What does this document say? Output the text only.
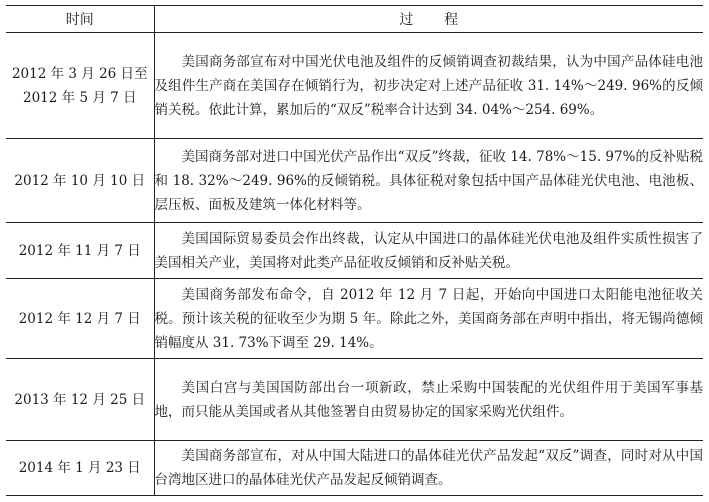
时间	过程
2012 年 3 月 26 日至 2012 年 5 月 7 日	美国商务部宣布对中国光伏电池及组件的反倾销调查初裁结果，认为中国产品体硅电池及组件生产商在美国存在倾销行为，初步决定对上述产品征收 31. 14%～249. 96%的反倾销关税。依此计算，累加后的“双反”税率合计达到 34. 04%～254. 69%。

2012 年 10 月 10 日	美国商务部对进口中国光伏产品作出“双反”终裁，征收 14. 78%～15. 97%的反补贴税和 18. 32%～249. 96%的反倾销税。具体征税对象包括中国产品体硅光伏电池、电池板、层压板、面板及建筑一体化材料等。

2012 年 11 月 7 日	美国国际贸易委员会作出终裁，认定从中国进口的晶体硅光伏电池及组件实质性损害了美国相关产业，美国将对此类产品征收反倾销和反补贴关税。

2012 年 12 月 7 日	美国商务部发布命令，自 2012 年 12 月 7 日起，开始向中国进口太阳能电池征收关税。预计该关税的征收至少为期 5 年。除此之外，美国商务部在声明中指出，将无锡尚德倾销幅度从 31. 73%下调至 29. 14%。

2013 年 12 月 25 日	美国白宫与美国国防部出台一项新政，禁止采购中国装配的光伏组件用于美国军事基地，而只能从美国或者从其他签署自由贸易协定的国家采购光伏组件。

2014 年 1 月 23 日	美国商务部宣布，对从中国大陆进口的晶体硅光伏产品发起“双反”调查，同时对从中国台湾地区进口的晶体硅光伏产品发起反倾销调查。
